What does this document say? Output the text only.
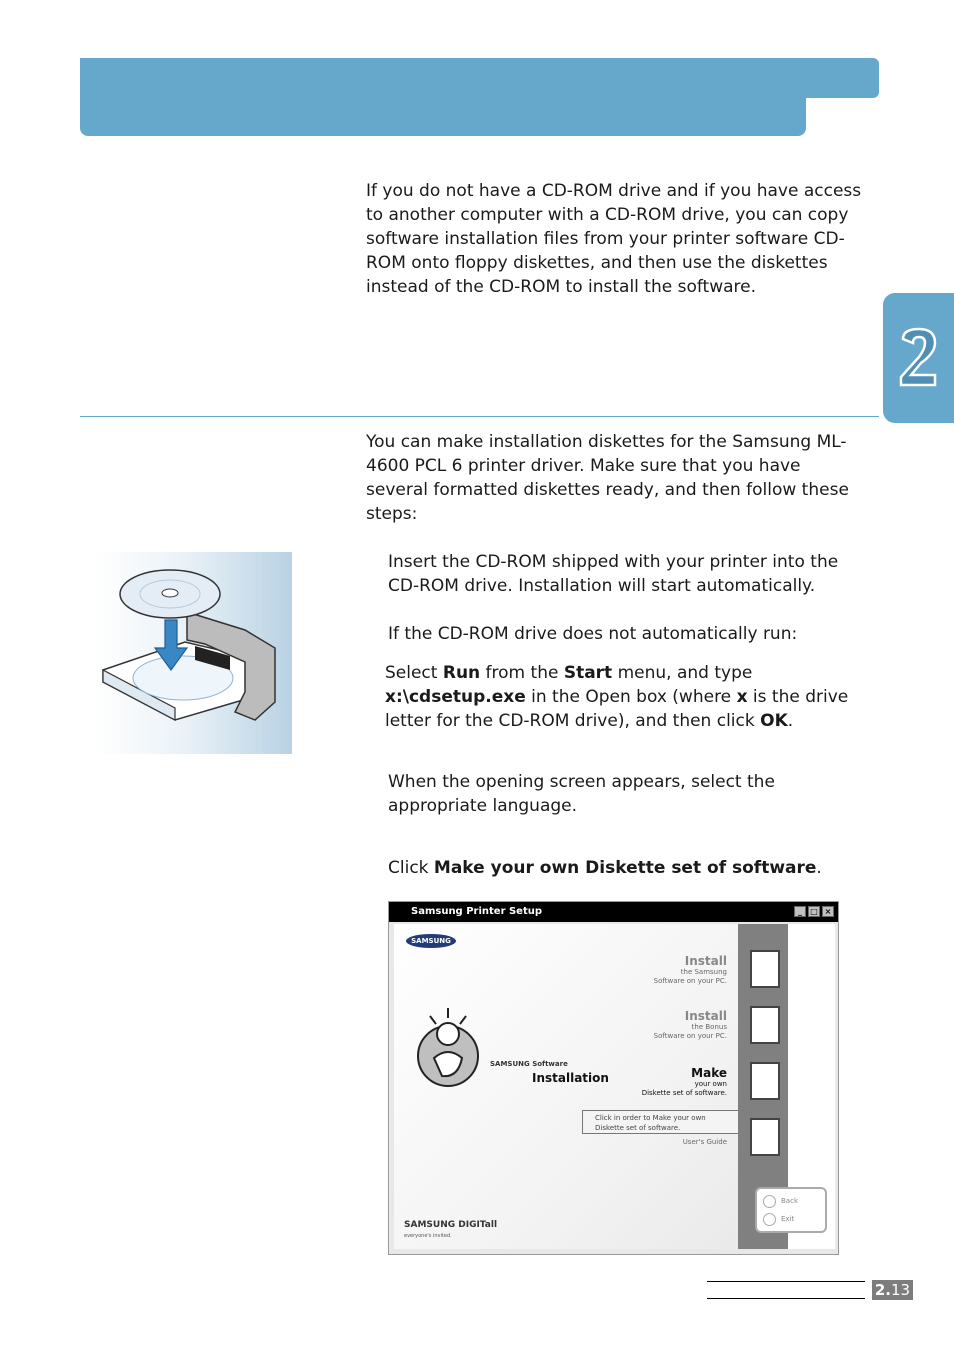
If you do not have a CD-ROM drive and if you have access to another computer with a CD-ROM drive, you can copy software installation files from your printer software CD-ROM onto floppy diskettes, and then use the diskettes instead of the CD-ROM to install the software.

You can make installation diskettes for the Samsung ML-4600 PCL 6 printer driver. Make sure that you have several formatted diskettes ready, and then follow these steps:

Insert the CD-ROM shipped with your printer into the CD-ROM drive. Installation will start automatically.

If the CD-ROM drive does not automatically run:

Select Run from the Start menu, and type x:\cdsetup.exe in the Open box (where x is the drive letter for the CD-ROM drive), and then click OK.

When the opening screen appears, select the appropriate language.

Click Make your own Diskette set of software.

Samsung Printer Setup	_	□ ×
SAMSUNG
SAMSUNG Software
Installation
Install
the Samsung
Software on your PC.
Install
the Bonus
Software on your PC.
Make
your own
Diskette set of software.
Click in order to Make your own Diskette set of software.
User's Guide
Back
Exit
SAMSUNG DIGITall
everyone's invited.
2.13
